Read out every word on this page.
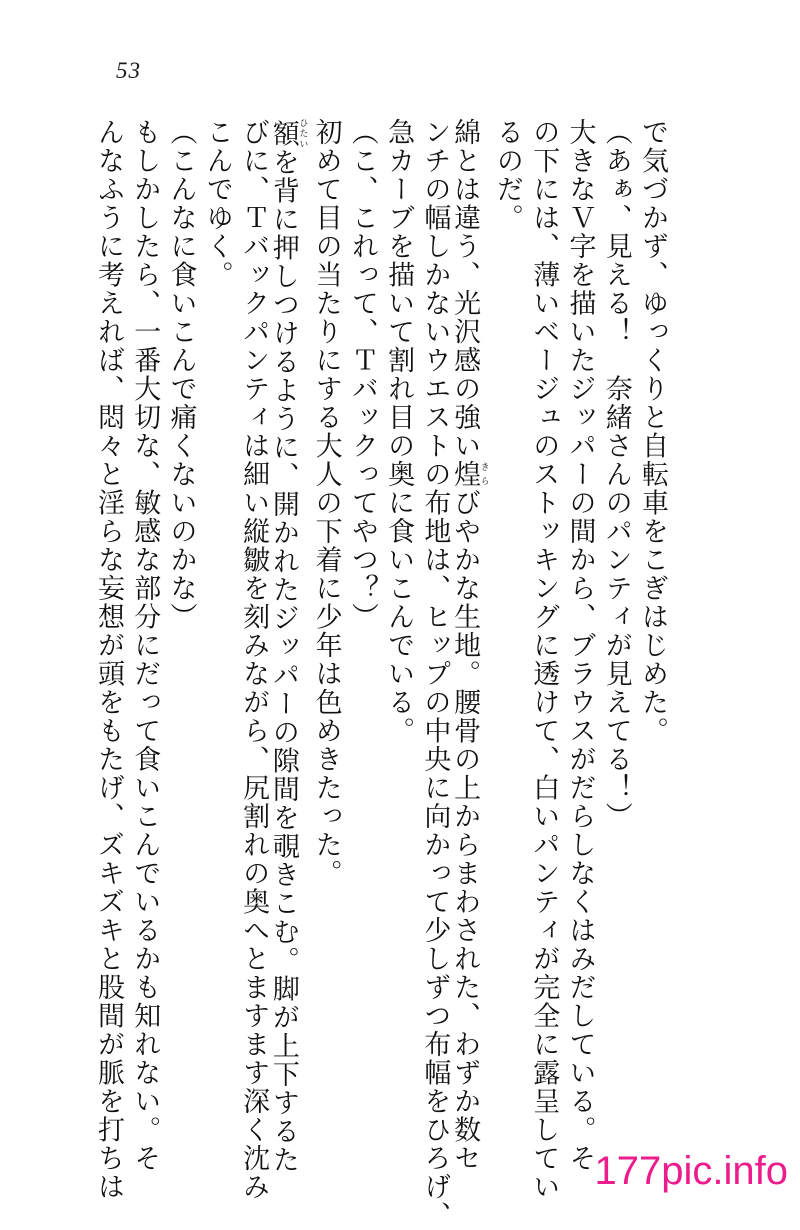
53
で気づかず、ゆっくりと自転車をこぎはじめた。
（あぁ、見える！　奈緒さんのパンティが見えてる！）
大きなＶ字を描いたジッパーの間から、ブラウスがだらしなくはみだしている。そ
の下には、薄いベージュのストッキングに透けて、白いパンティが完全に露呈してい
るのだ。
綿とは違う、光沢感の強い煌きらびやかな生地。腰骨の上からまわされた、わずか数セ
ンチの幅しかないウエストの布地は、ヒップの中央に向かって少しずつ布幅をひろげ、
急カーブを描いて割れ目の奥に食いこんでいる。
（こ、これって、Ｔバックってやつ？）
初めて目の当たりにする大人の下着に少年は色めきたった。
額ひたいを背に押しつけるように、開かれたジッパーの隙間を覗きこむ。脚が上下するた
びに、Ｔバックパンティは細い縦皺を刻みながら、尻割れの奥へとますます深く沈み
こんでゆく。
（こんなに食いこんで痛くないのかな）
もしかしたら、一番大切な、敏感な部分にだって食いこんでいるかも知れない。そ
んなふうに考えれば、悶々と淫らな妄想が頭をもたげ、ズキズキと股間が脈を打ちは	177pic.info
